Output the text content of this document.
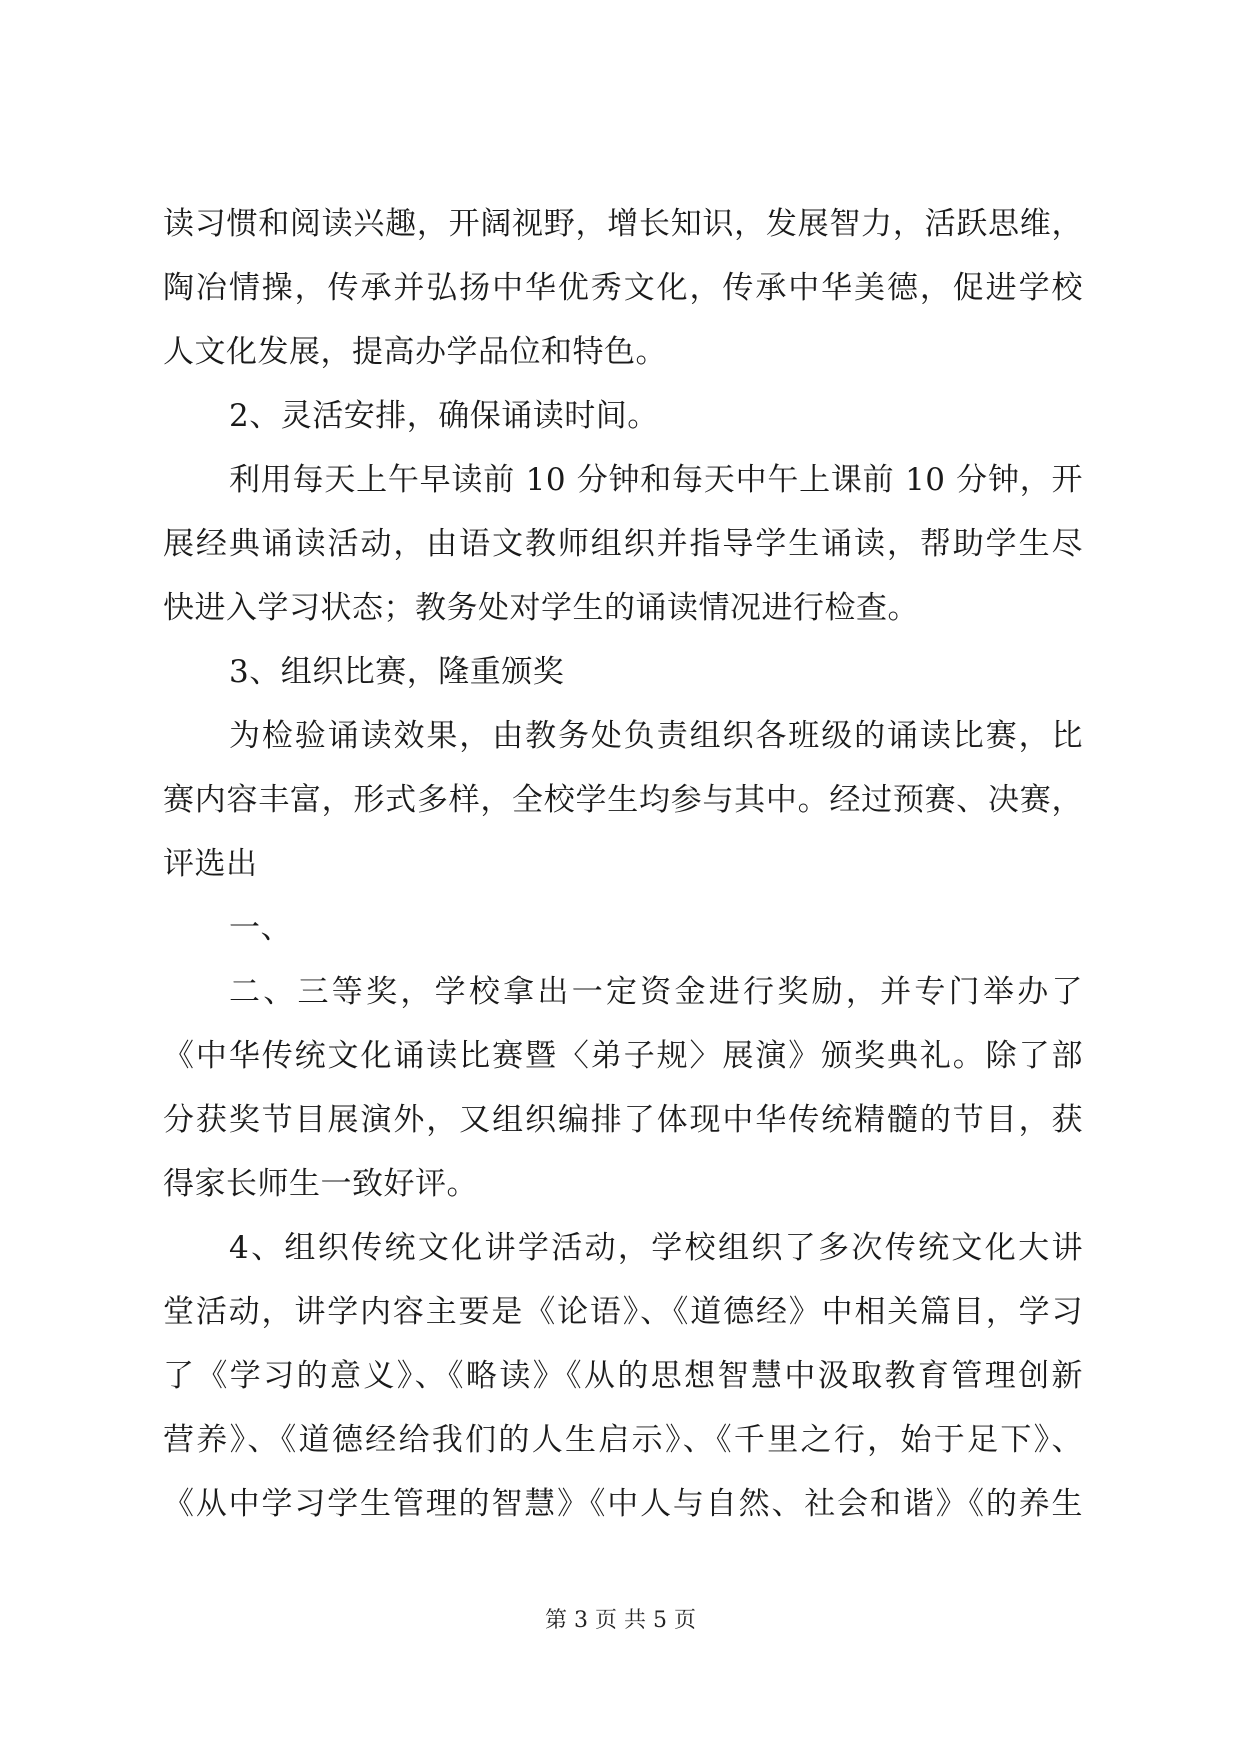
读习惯和阅读兴趣，开阔视野，增长知识，发展智力，活跃思维，
陶冶情操，传承并弘扬中华优秀文化，传承中华美德，促进学校
人文化发展，提高办学品位和特色。
2、灵活安排，确保诵读时间。
利用每天上午早读前 10 分钟和每天中午上课前 10 分钟，开
展经典诵读活动，由语文教师组织并指导学生诵读，帮助学生尽
快进入学习状态；教务处对学生的诵读情况进行检查。
3、组织比赛，隆重颁奖
为检验诵读效果，由教务处负责组织各班级的诵读比赛，比
赛内容丰富，形式多样，全校学生均参与其中。经过预赛、决赛，
评选出
一、
二、三等奖，学校拿出一定资金进行奖励，并专门举办了
《中华传统文化诵读比赛暨〈弟子规〉展演》颁奖典礼。除了部
分获奖节目展演外，又组织编排了体现中华传统精髓的节目，获
得家长师生一致好评。
4、组织传统文化讲学活动，学校组织了多次传统文化大讲
堂活动，讲学内容主要是《论语》、《道德经》中相关篇目，学习
了《学习的意义》、《略读》《从的思想智慧中汲取教育管理创新
营养》、《道德经给我们的人生启示》、《千里之行，始于足下》、
《从中学习学生管理的智慧》《中人与自然、社会和谐》《的养生
第 3 页 共 5 页
